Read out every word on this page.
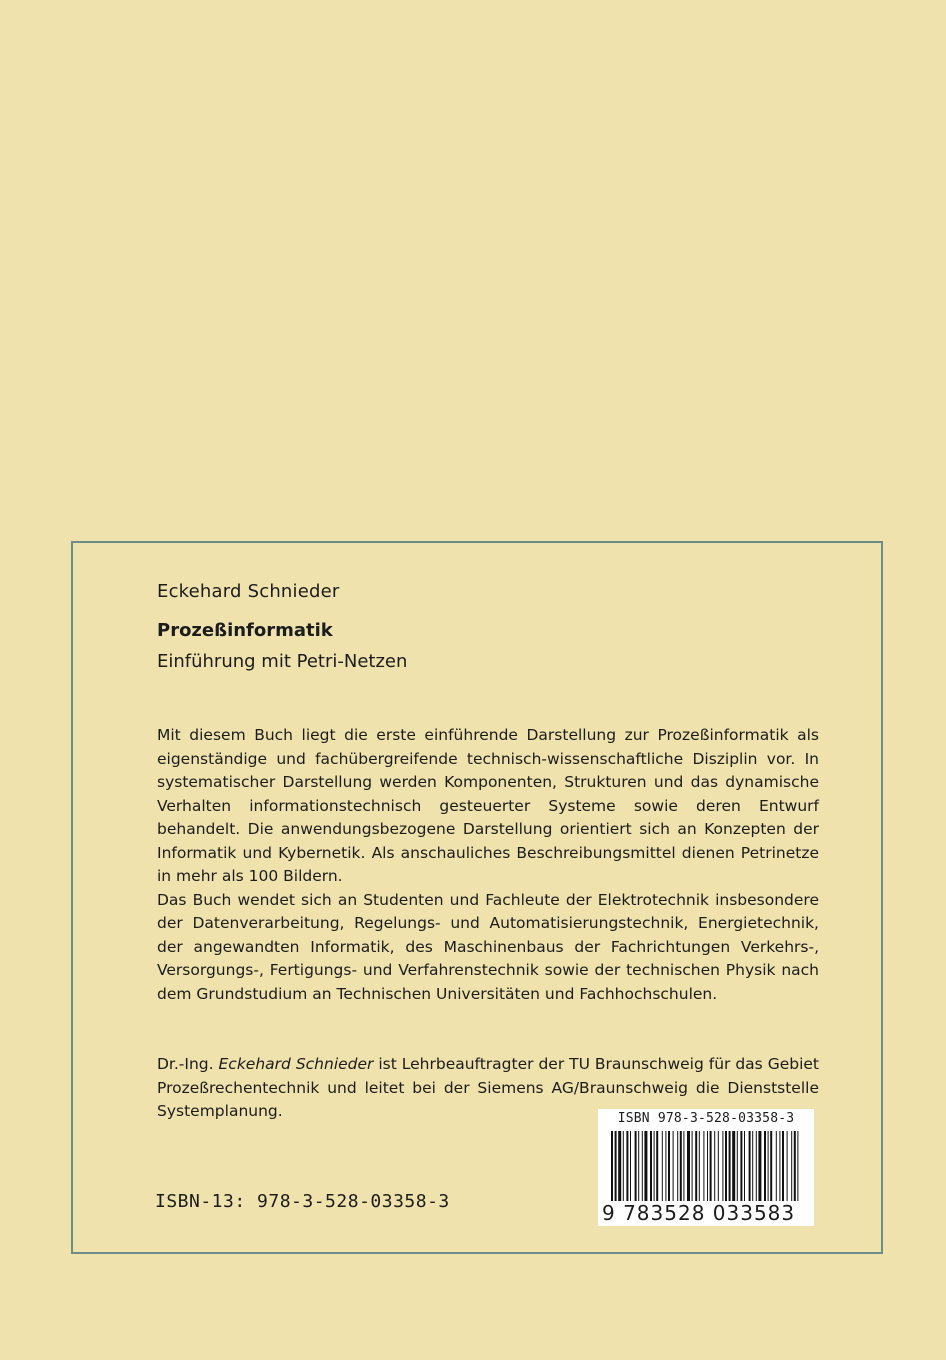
Eckehard Schnieder
Prozeßinformatik
Einführung mit Petri-Netzen

Mit diesem Buch liegt die erste einführende Darstellung zur Prozeßinformatik als eigenständige und fachübergreifende technisch-wissenschaftliche Disziplin vor. In systematischer Darstellung werden Komponenten, Strukturen und das dynamische Verhalten informationstechnisch gesteuerter Systeme sowie deren Entwurf behandelt. Die anwendungsbezogene Darstellung orientiert sich an Konzepten der Informatik und Kybernetik. Als anschauliches Beschreibungsmittel dienen Petrinetze in mehr als 100 Bildern.

Das Buch wendet sich an Studenten und Fachleute der Elektrotechnik insbesondere der Datenverarbeitung, Regelungs- und Automatisierungstechnik, Energietechnik, der angewandten Informatik, des Maschinenbaus der Fachrichtungen Verkehrs-, Versorgungs-, Fertigungs- und Verfahrenstechnik sowie der technischen Physik nach dem Grundstudium an Technischen Universitäten und Fachhochschulen.

Dr.-Ing. Eckehard Schnieder ist Lehrbeauftragter der TU Braunschweig für das Gebiet Prozeßrechentechnik und leitet bei der Siemens AG/Braunschweig die Dienststelle Systemplanung.	ISBN 978-3-528-03358-3
9 783528 033583
ISBN-13: 978-3-528-03358-3
